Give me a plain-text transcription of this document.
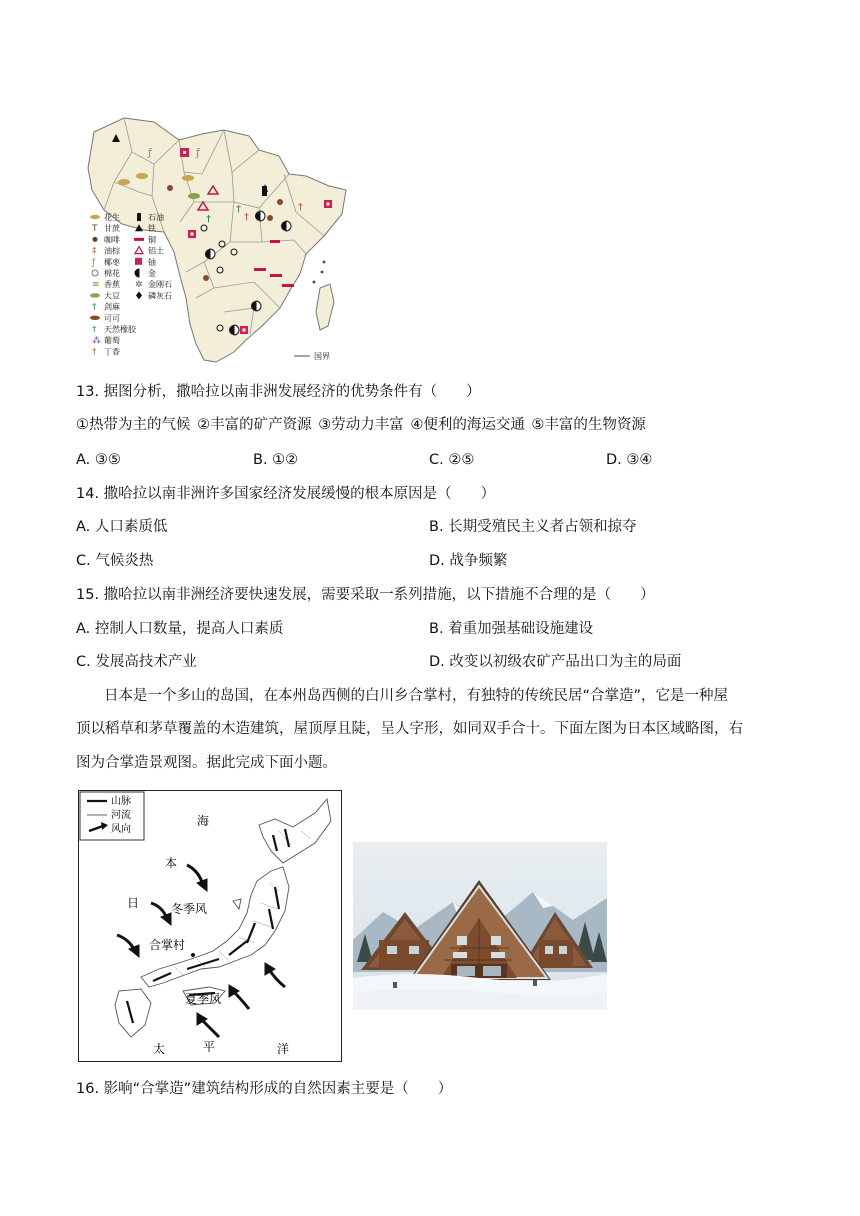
ƒ	ƒ
†
†
†
†
花生
T 甘蔗
咖啡
‡ 油棕
ƒ 椰枣
棉花
≋ 香蕉
大豆
† 剑麻
可可
† 天然橡胶
⁂ 葡萄
† 丁香
石油
铁
铜
铝土
铀
金
✲ 金刚石
磷灰石
国界
13. 据图分析，撒哈拉以南非洲发展经济的优势条件有（　　）
①热带为主的气候 ②丰富的矿产资源 ③劳动力丰富 ④便利的海运交通 ⑤丰富的生物资源
A. ③⑤	B. ①②	C. ②⑤	D. ③④
14. 撒哈拉以南非洲许多国家经济发展缓慢的根本原因是（　　）
A. 人口素质低	B. 长期受殖民主义者占领和掠夺
C. 气候炎热	D. 战争频繁
15. 撒哈拉以南非洲经济要快速发展，需要采取一系列措施，以下措施不合理的是（　　）
A. 控制人口数量，提高人口素质	B. 着重加强基础设施建设
C. 发展高技术产业	D. 改变以初级农矿产品出口为主的局面
日本是一个多山的岛国，在本州岛西侧的白川乡合掌村，有独特的传统民居“合掌造”，它是一种屋
顶以稻草和茅草覆盖的木造建筑，屋顶厚且陡，呈人字形，如同双手合十。下面左图为日本区域略图，右
图为合掌造景观图。据此完成下面小题。
山脉
河流
风向
海
本
日	冬季风
合掌村
夏季风
太	平	洋
16. 影响“合掌造”建筑结构形成的自然因素主要是（　　）
